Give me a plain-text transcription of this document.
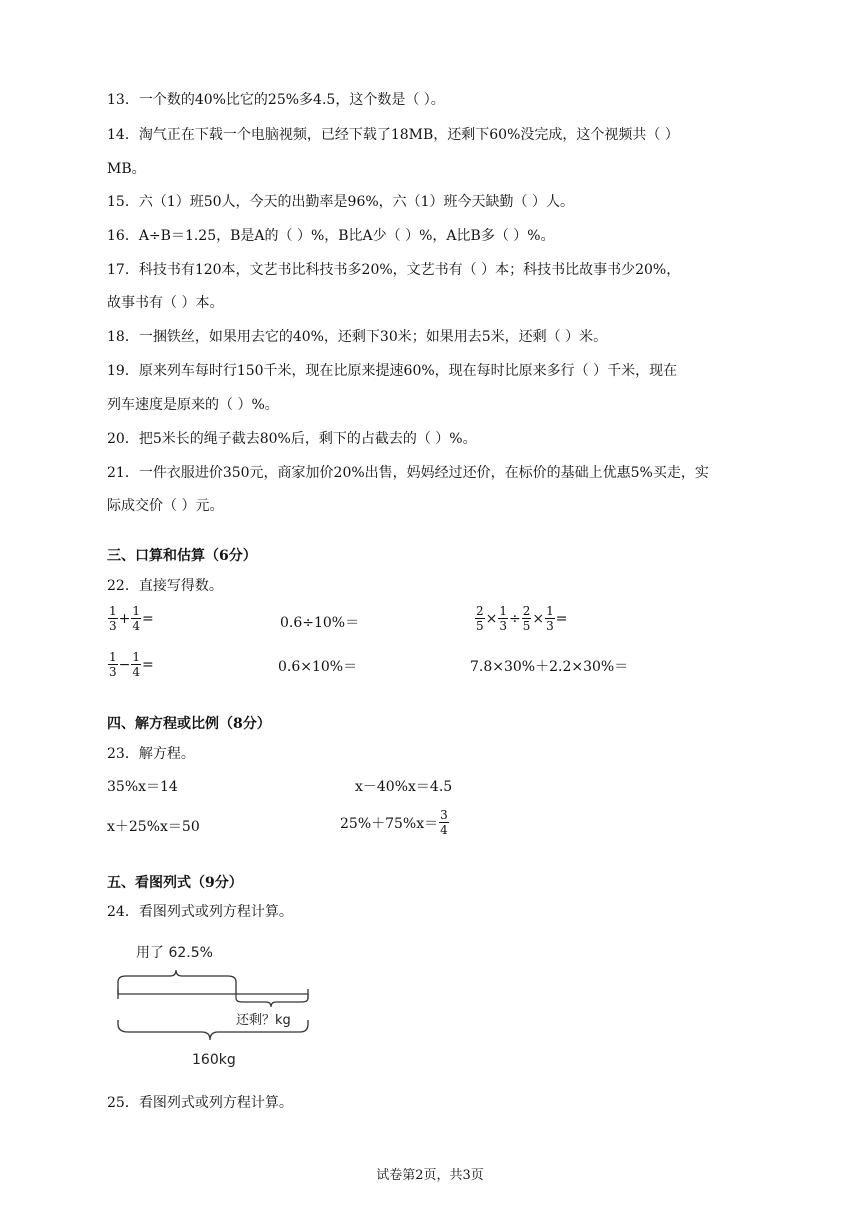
13．一个数的40%比它的25%多4.5，这个数是（ ）。
14．淘气正在下载一个电脑视频，已经下载了18MB，还剩下60%没完成，这个视频共（ ）
MB。
15．六（1）班50人，今天的出勤率是96%，六（1）班今天缺勤（ ）人。
16．A÷B＝1.25，B是A的（ ）%，B比A少（ ）%，A比B多（ ）%。
17．科技书有120本，文艺书比科技书多20%，文艺书有（ ）本；科技书比故事书少20%，
故事书有（ ）本。
18．一捆铁丝，如果用去它的40%，还剩下30米；如果用去5米，还剩（ ）米。
19．原来列车每时行150千米，现在比原来提速60%，现在每时比原来多行（ ）千米，现在
列车速度是原来的（ ）%。
20．把5米长的绳子截去80%后，剩下的占截去的（ ）%。
21．一件衣服进价350元，商家加价20%出售，妈妈经过还价，在标价的基础上优惠5%买走，实
际成交价（ ）元。
三、口算和估算（6分）
22．直接写得数。
$\frac{1}{3} + \frac{1}{4}$ =	0.6÷10%＝	$\frac{2}{5} \times \frac{1}{3} \div \frac{2}{5} \times \frac{1}{3}$ =
$\frac{1}{3} - \frac{1}{4}$ =	0.6×10%＝	7.8×30%＋2.2×30%＝
四、解方程或比例（8分）
23．解方程。
35%x＝14	x－40%x＝4.5
x＋25%x＝50	$25\%+75\%x= \frac{3}{4}$
五、看图列式（9分）
24．看图列式或列方程计算。
用了 62.5%
还剩？kg
160kg
25．看图列式或列方程计算。
试卷第2页，共3页
